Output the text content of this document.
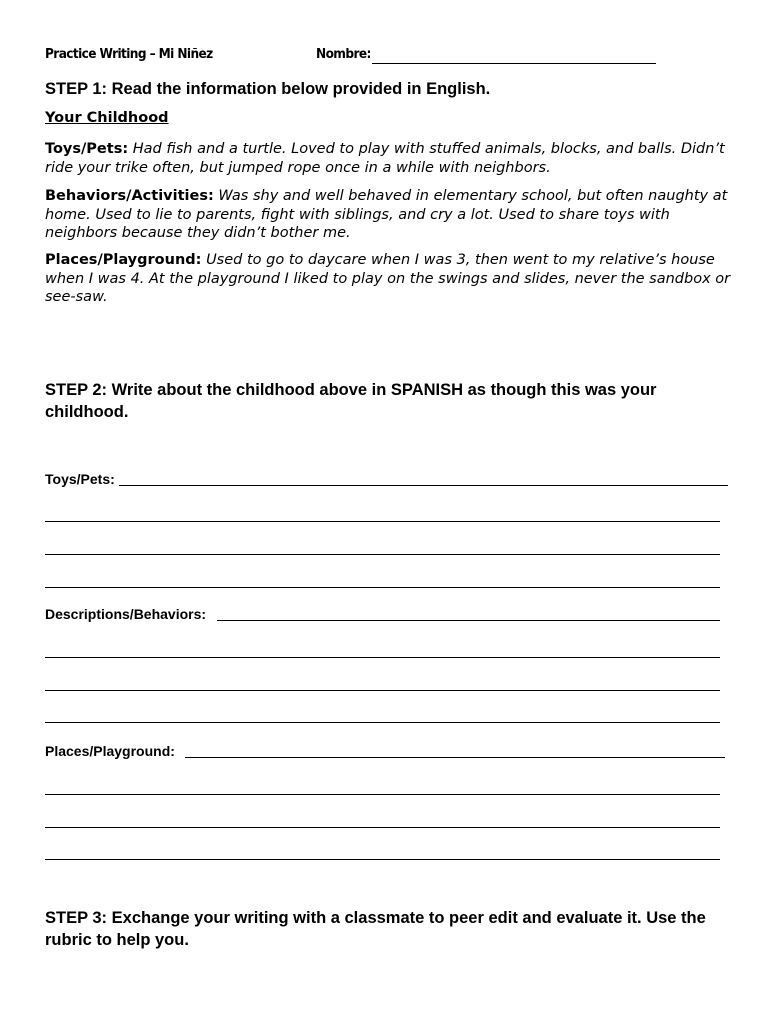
Practice Writing – Mi Niñez	Nombre:
STEP 1: Read the information below provided in English.
Your Childhood
Toys/Pets: Had fish and a turtle. Loved to play with stuffed animals, blocks, and balls. Didn’t ride your trike often, but jumped rope once in a while with neighbors.
Behaviors/Activities: Was shy and well behaved in elementary school, but often naughty at home. Used to lie to parents, fight with siblings, and cry a lot. Used to share toys with neighbors because they didn’t bother me.
Places/Playground: Used to go to daycare when I was 3, then went to my relative’s house when I was 4. At the playground I liked to play on the swings and slides, never the sandbox or see-saw.
STEP 2: Write about the childhood above in SPANISH as though this was your childhood.
Toys/Pets:
Descriptions/Behaviors:
Places/Playground:
STEP 3: Exchange your writing with a classmate to peer edit and evaluate it. Use the rubric to help you.
